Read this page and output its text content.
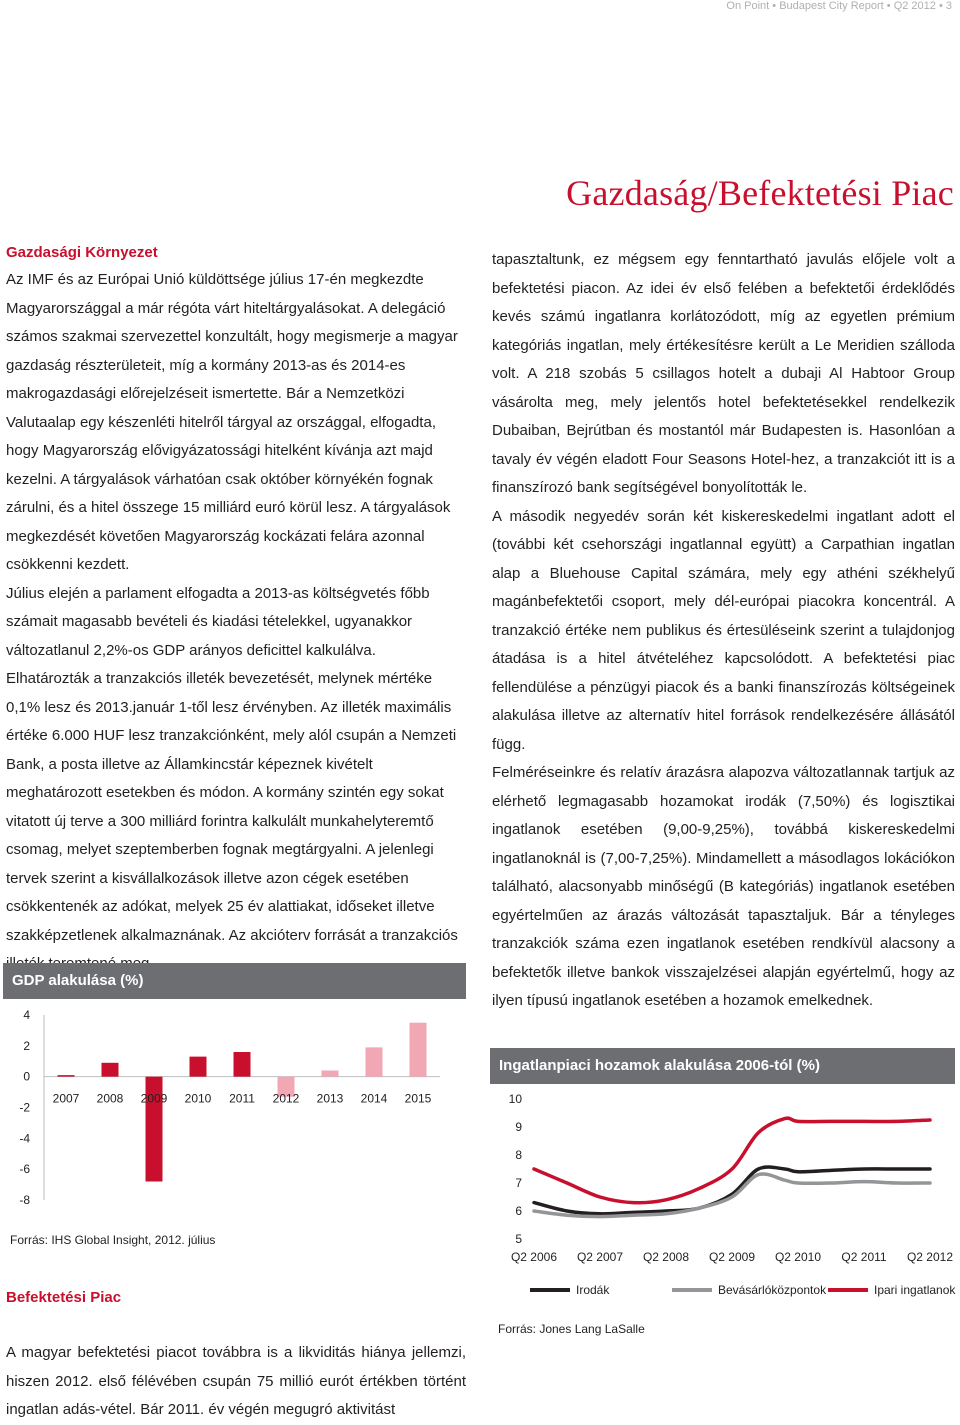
On Point • Budapest City Report • Q2 2012 • 3
Gazdaság/Befektetési Piac
Gazdasági Környezet

Az IMF és az Európai Unió küldöttsége július 17-én megkezdte Magyarországgal a már régóta várt hiteltárgyalásokat. A delegáció számos szakmai szervezettel konzultált, hogy megismerje a magyar gazdaság részterületeit, míg a kormány 2013-as és 2014-es makrogazdasági előrejelzéseit ismertette. Bár a Nemzetközi Valutaalap egy készenléti hitelről tárgyal az országgal, elfogadta, hogy Magyarország elővigyázatossági hitelként kívánja azt majd kezelni. A tárgyalások várhatóan csak október környékén fognak zárulni, és a hitel összege 15 milliárd euró körül lesz. A tárgyalások megkezdését követően Magyarország kockázati felára azonnal csökkenni kezdett.

Július elején a parlament elfogadta a 2013-as költségvetés főbb számait magasabb bevételi és kiadási tételekkel, ugyanakkor változatlanul 2,2%-os GDP arányos deficittel kalkulálva.

Elhatározták a tranzakciós illeték bevezetését, melynek mértéke 0,1% lesz és 2013.január 1-től lesz érvényben. Az illeték maximális értéke 6.000 HUF lesz tranzakciónként, mely alól csupán a Nemzeti Bank, a posta illetve az Államkincstár képeznek kivételt meghatározott esetekben és módon. A kormány szintén egy sokat vitatott új terve a 300 milliárd forintra kalkulált munkahelyteremtő csomag, melyet szeptemberben fognak megtárgyalni. A jelenlegi tervek szerint a kisvállalkozások illetve azon cégek esetében csökkentenék az adókat, melyek 25 év alattiakat, időseket illetve szakképzetlenek alkalmaznának. Az akcióterv forrását a tranzakciós

tapasztaltunk, ez mégsem egy fenntartható javulás előjele volt a befektetési piacon. Az idei év első felében a befektetői érdeklődés kevés számú ingatlanra korlátozódott, míg az egyetlen prémium kategóriás ingatlan, mely értékesítésre került a Le Meridien szálloda volt. A 218 szobás 5 csillagos hotelt a dubaji Al Habtoor Group vásárolta meg, mely jelentős hotel befektetésekkel rendelkezik Dubaiban, Bejrútban és mostantól már Budapesten is. Hasonlóan a tavaly év végén eladott Four Seasons Hotel-hez, a tranzakciót itt is a finanszírozó bank segítségével bonyolították le.

A második negyedév során két kiskereskedelmi ingatlant adott el (további két csehországi ingatlannal együtt) a Carpathian ingatlan alap a Bluehouse Capital számára, mely egy athéni székhelyű magánbefektetői csoport, mely dél-európai piacokra koncentrál. A tranzakció értéke nem publikus és értesüléseink szerint a tulajdonjog átadása is a hitel átvételéhez kapcsolódott. A befektetési piac fellendülése a pénzügyi piacok és a banki finanszírozás költségeinek alakulása illetve az alternatív hitel források rendelkezésére állásától függ.

Felméréseinkre és relatív árazásra alapozva változatlannak tartjuk az elérhető legmagasabb hozamokat irodák (7,50%) és logisztikai ingatlanok esetében (9,00-9,25%), továbbá kiskereskedelmi ingatlanoknál is (7,00-7,25%). Mindamellett a másodlagos lokációkon található, alacsonyabb minőségű (B kategóriás) ingatlanok esetében egyértelműen az árazás változását tapasztaljuk. Bár a tényleges tranzakciók száma ezen ingatlanok esetében rendkívül alacsony a befektetők illetve bankok visszajelzései alapján egyértelmű, hogy az ilyen típusú ingatlanok esetében a hozamok emelkednek.

GDP alakulása (%)
4
2
0
-2
-4
-6
-8
2007 2008 2009 2010 2011 2012 2013 2014 2015
Forrás: IHS Global Insight, 2012. július
Befektetési Piac
A magyar befektetési piacot továbbra is a likviditás hiánya jellemzi, hiszen 2012. első félévében csupán 75 millió eurót értékben történt ingatlan adás-vétel. Bár 2011. év végén megugró aktivitást
Ingatlanpiaci hozamok alakulása 2006-tól (%)
10
9
8
7
6
5
Q2 2006 Q2 2007 Q2 2008 Q2 2009 Q2 2010 Q2 2011 Q2 2012
Irodák	Bevásárlóközpontok	Ipari ingatlanok
Forrás: Jones Lang LaSalle
